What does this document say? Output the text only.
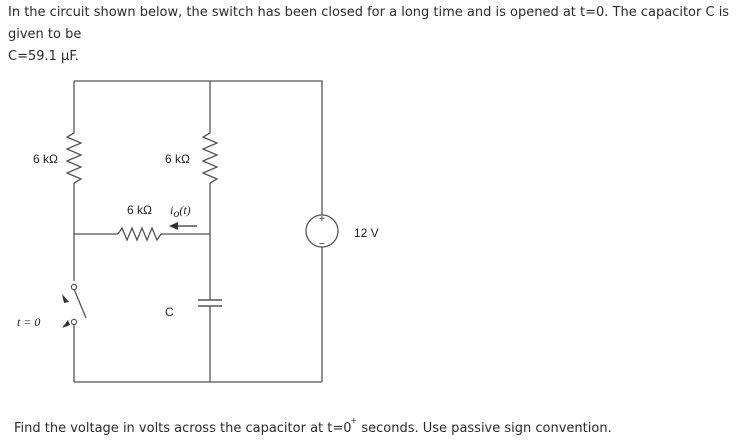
In the circuit shown below, the switch has been closed for a long time and is opened at t=0. The capacitor C is given to be
C=59.1 μF.
6 kΩ	6 kΩ
6 kΩ io(t)
C
12 V
+
−
t = 0
Find the voltage in volts across the capacitor at t=0+ seconds. Use passive sign convention.
